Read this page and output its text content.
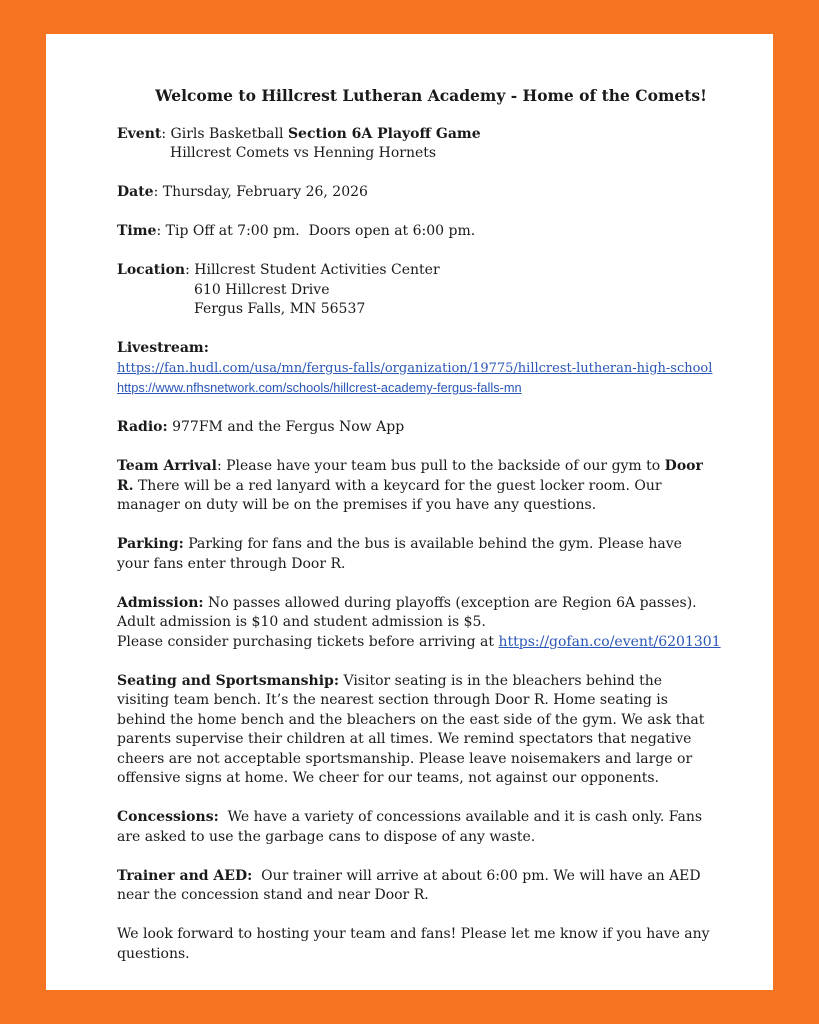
Welcome to Hillcrest Lutheran Academy - Home of the Comets!
Event: Girls Basketball Section 6A Playoff Game
Hillcrest Comets vs Henning Hornets
Date: Thursday, February 26, 2026
Time: Tip Off at 7:00 pm.  Doors open at 6:00 pm.
Location: Hillcrest Student Activities Center
610 Hillcrest Drive
Fergus Falls, MN 56537
Livestream:
https://fan.hudl.com/usa/mn/fergus-falls/organization/19775/hillcrest-lutheran-high-school
https://www.nfhsnetwork.com/schools/hillcrest-academy-fergus-falls-mn
Radio: 977FM and the Fergus Now App
Team Arrival: Please have your team bus pull to the backside of our gym to Door R. There will be a red lanyard with a keycard for the guest locker room. Our manager on duty will be on the premises if you have any questions.
Parking: Parking for fans and the bus is available behind the gym. Please have your fans enter through Door R.
Admission: No passes allowed during playoffs (exception are Region 6A passes). Adult admission is $10 and student admission is $5.
Please consider purchasing tickets before arriving at https://gofan.co/event/6201301
Seating and Sportsmanship: Visitor seating is in the bleachers behind the visiting team bench. It’s the nearest section through Door R. Home seating is behind the home bench and the bleachers on the east side of the gym. We ask that parents supervise their children at all times. We remind spectators that negative cheers are not acceptable sportsmanship. Please leave noisemakers and large or offensive signs at home. We cheer for our teams, not against our opponents.
Concessions: We have a variety of concessions available and it is cash only. Fans are asked to use the garbage cans to dispose of any waste.
Trainer and AED: Our trainer will arrive at about 6:00 pm. We will have an AED near the concession stand and near Door R.
We look forward to hosting your team and fans! Please let me know if you have any questions.
